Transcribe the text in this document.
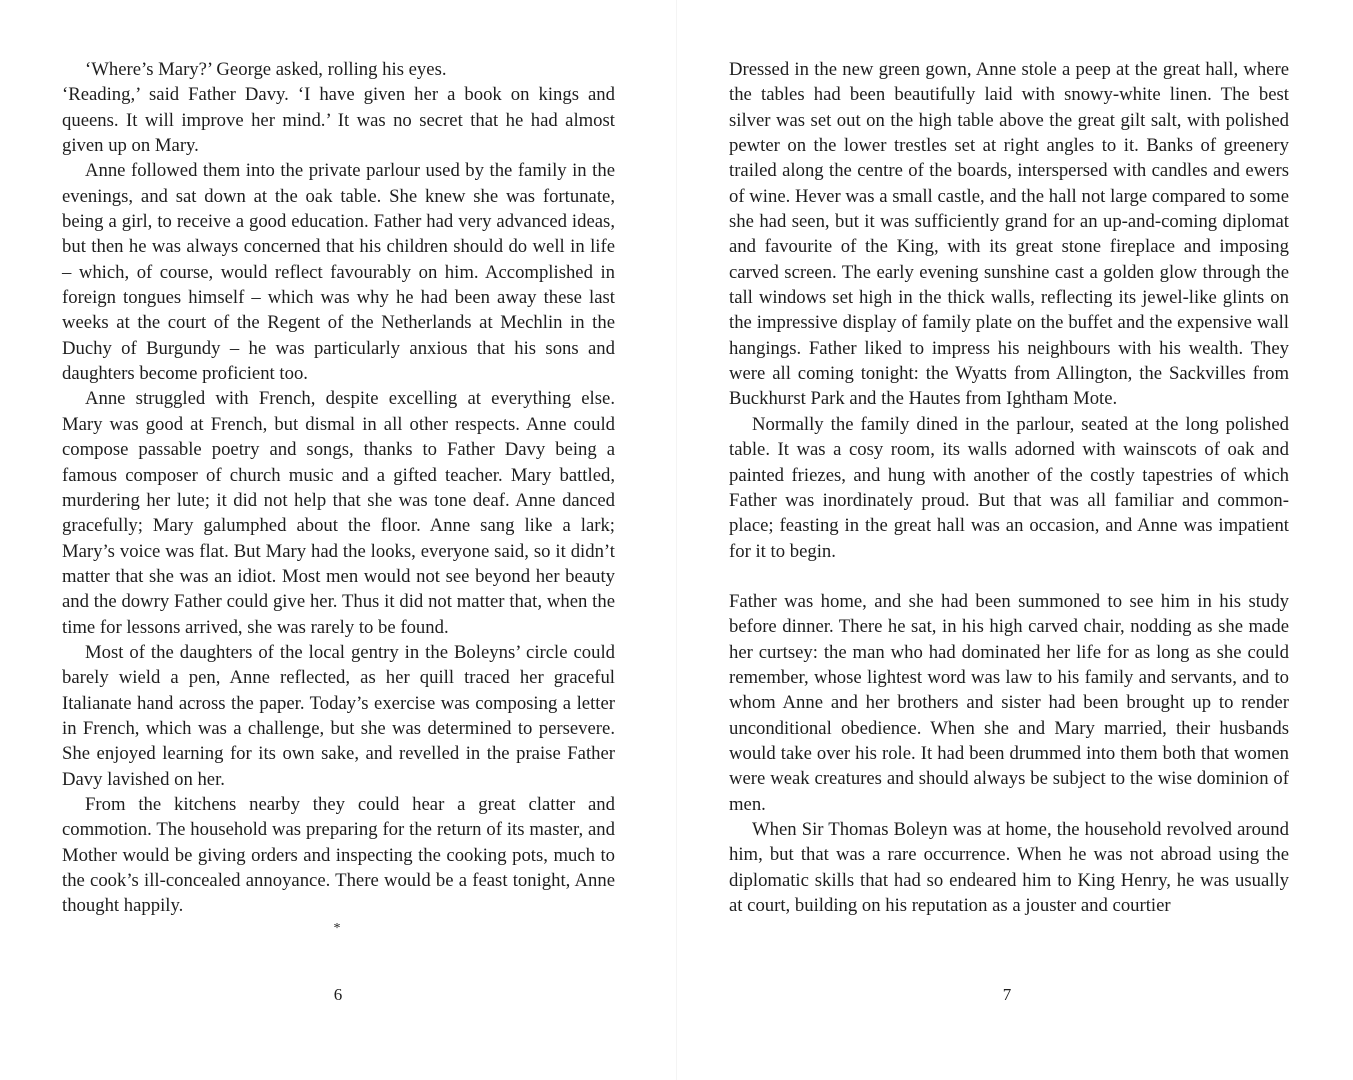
‘Where’s Mary?’ George asked, rolling his eyes.

‘Reading,’ said Father Davy. ‘I have given her a book on kings and queens. It will improve her mind.’ It was no secret that he had almost given up on Mary.

Anne followed them into the private parlour used by the family in the evenings, and sat down at the oak table. She knew she was fortunate, being a girl, to receive a good education. Father had very advanced ideas, but then he was always concerned that his children should do well in life – which, of course, would reflect favourably on him. Accomplished in foreign tongues himself – which was why he had been away these last weeks at the court of the Regent of the Netherlands at Mechlin in the Duchy of Burgundy – he was particularly anxious that his sons and daughters become proficient too.

Anne struggled with French, despite excelling at everything else. Mary was good at French, but dismal in all other respects. Anne could compose passable poetry and songs, thanks to Father Davy being a famous composer of church music and a gifted teacher. Mary battled, murdering her lute; it did not help that she was tone deaf. Anne danced gracefully; Mary galumphed about the floor. Anne sang like a lark; Mary’s voice was flat. But Mary had the looks, everyone said, so it didn’t matter that she was an idiot. Most men would not see beyond her beauty and the dowry Father could give her. Thus it did not matter that, when the time for lessons arrived, she was rarely to be found.

Most of the daughters of the local gentry in the Boleyns’ circle could barely wield a pen, Anne reflected, as her quill traced her graceful Italianate hand across the paper. Today’s exercise was composing a letter in French, which was a challenge, but she was determined to persevere. She enjoyed learning for its own sake, and revelled in the praise Father Davy lavished on her.

From the kitchens nearby they could hear a great clatter and commotion. The household was preparing for the return of its master, and Mother would be giving orders and inspecting the cooking pots, much to the cook’s ill-concealed annoyance. There would be a feast tonight, Anne thought happily.

*
6

Dressed in the new green gown, Anne stole a peep at the great hall, where the tables had been beautifully laid with snowy-white linen. The best silver was set out on the high table above the great gilt salt, with polished pewter on the lower trestles set at right angles to it. Banks of greenery trailed along the centre of the boards, interspersed with candles and ewers of wine. Hever was a small castle, and the hall not large compared to some she had seen, but it was sufficiently grand for an up-and-coming diplomat and favourite of the King, with its great stone fireplace and imposing carved screen. The early evening sunshine cast a golden glow through the tall windows set high in the thick walls, reflecting its jewel-like glints on the impressive display of family plate on the buffet and the expensive wall hangings. Father liked to impress his neighbours with his wealth. They were all coming tonight: the Wyatts from Allington, the Sackvilles from Buckhurst Park and the Hautes from Ightham Mote.

Normally the family dined in the parlour, seated at the long polished table. It was a cosy room, its walls adorned with wainscots of oak and painted friezes, and hung with another of the costly tapestries of which Father was inordinately proud. But that was all familiar and common-place; feasting in the great hall was an occasion, and Anne was impatient for it to begin.

Father was home, and she had been summoned to see him in his study before dinner. There he sat, in his high carved chair, nodding as she made her curtsey: the man who had dominated her life for as long as she could remember, whose lightest word was law to his family and servants, and to whom Anne and her brothers and sister had been brought up to render unconditional obedience. When she and Mary married, their husbands would take over his role. It had been drummed into them both that women were weak creatures and should always be subject to the wise dominion of men.

When Sir Thomas Boleyn was at home, the household revolved around him, but that was a rare occurrence. When he was not abroad using the diplomatic skills that had so endeared him to King Henry, he was usually at court, building on his reputation as a jouster and courtier

7
